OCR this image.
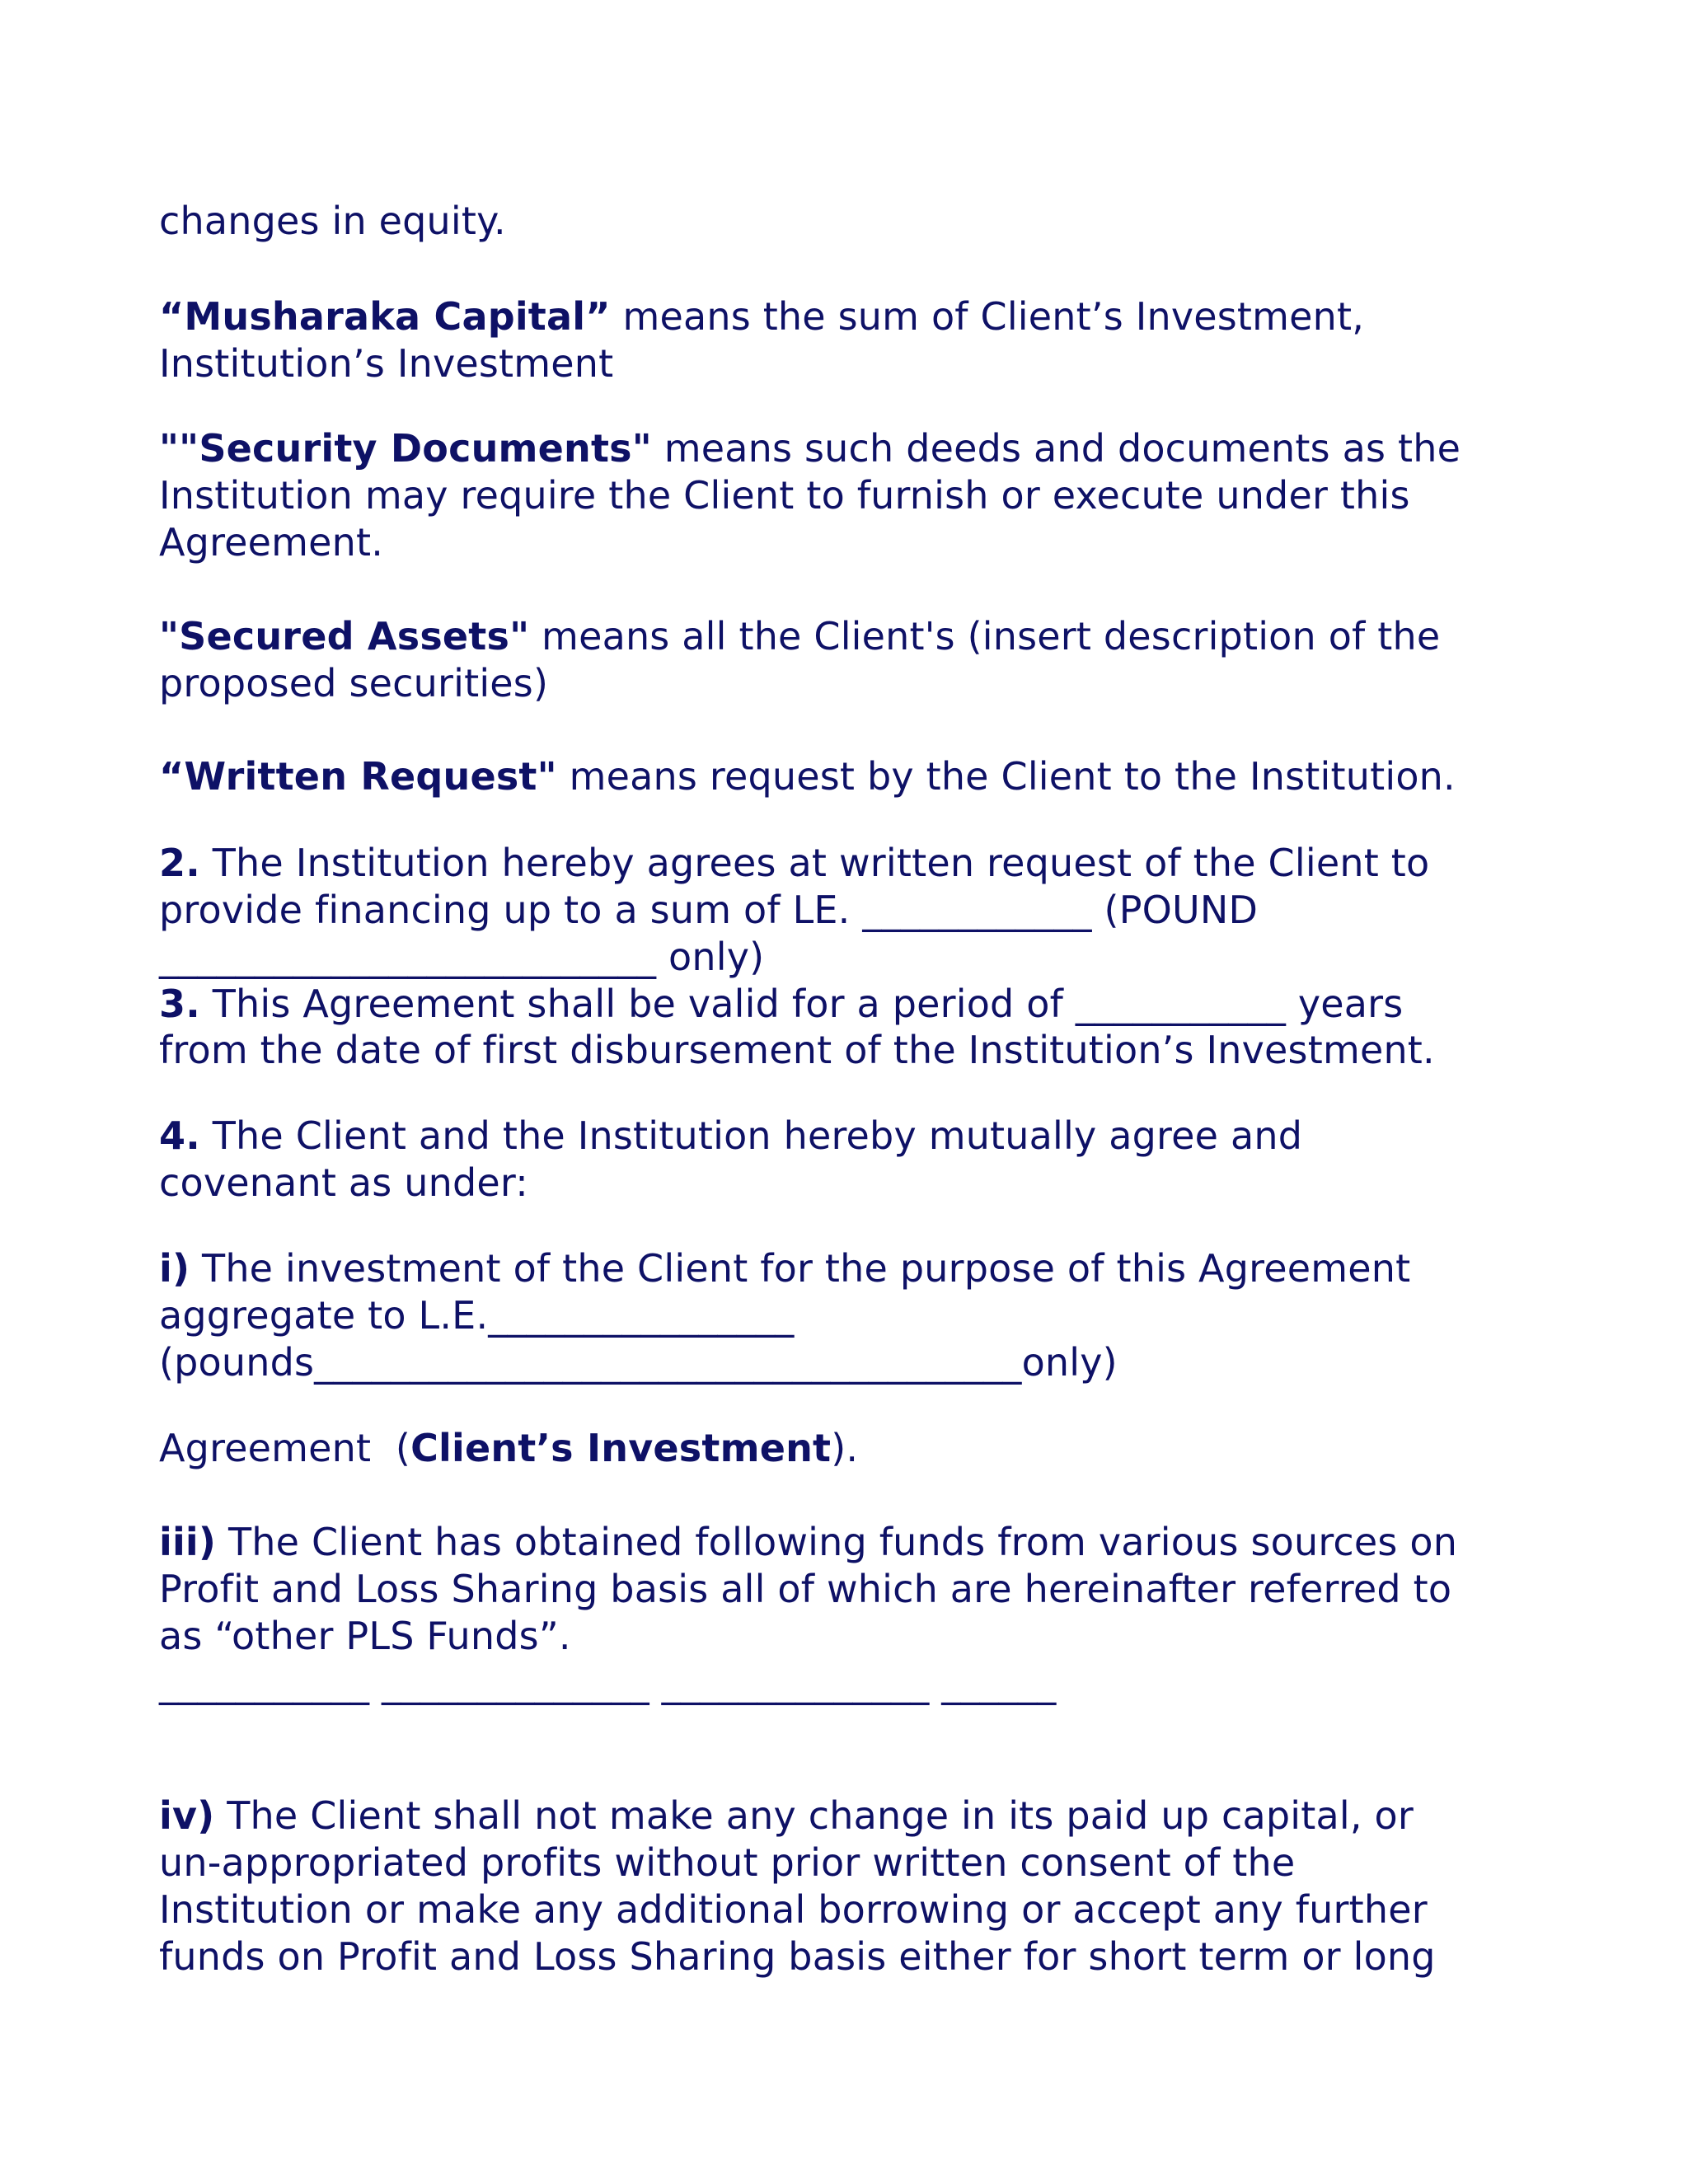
changes in equity.
“Musharaka Capital” means the sum of Client’s Investment,
Institution’s Investment
""Security Documents" means such deeds and documents as the
Institution may require the Client to furnish or execute under this
Agreement.
"Secured Assets" means all the Client's (insert description of the
proposed securities)
“Written Request" means request by the Client to the Institution.
2. The Institution hereby agrees at written request of the Client to
provide financing up to a sum of LE. ____________ (POUND
__________________________ only)
3. This Agreement shall be valid for a period of ___________ years
from the date of first disbursement of the Institution’s Investment.
4. The Client and the Institution hereby mutually agree and
covenant as under:
i) The investment of the Client for the purpose of this Agreement
aggregate to L.E.________________
(pounds_____________________________________only)
Agreement  (Client’s Investment).
iii) The Client has obtained following funds from various sources on
Profit and Loss Sharing basis all of which are hereinafter referred to
as “other PLS Funds”.
___________ ______________ ______________ ______
iv) The Client shall not make any change in its paid up capital, or
un-appropriated profits without prior written consent of the
Institution or make any additional borrowing or accept any further
funds on Profit and Loss Sharing basis either for short term or long
